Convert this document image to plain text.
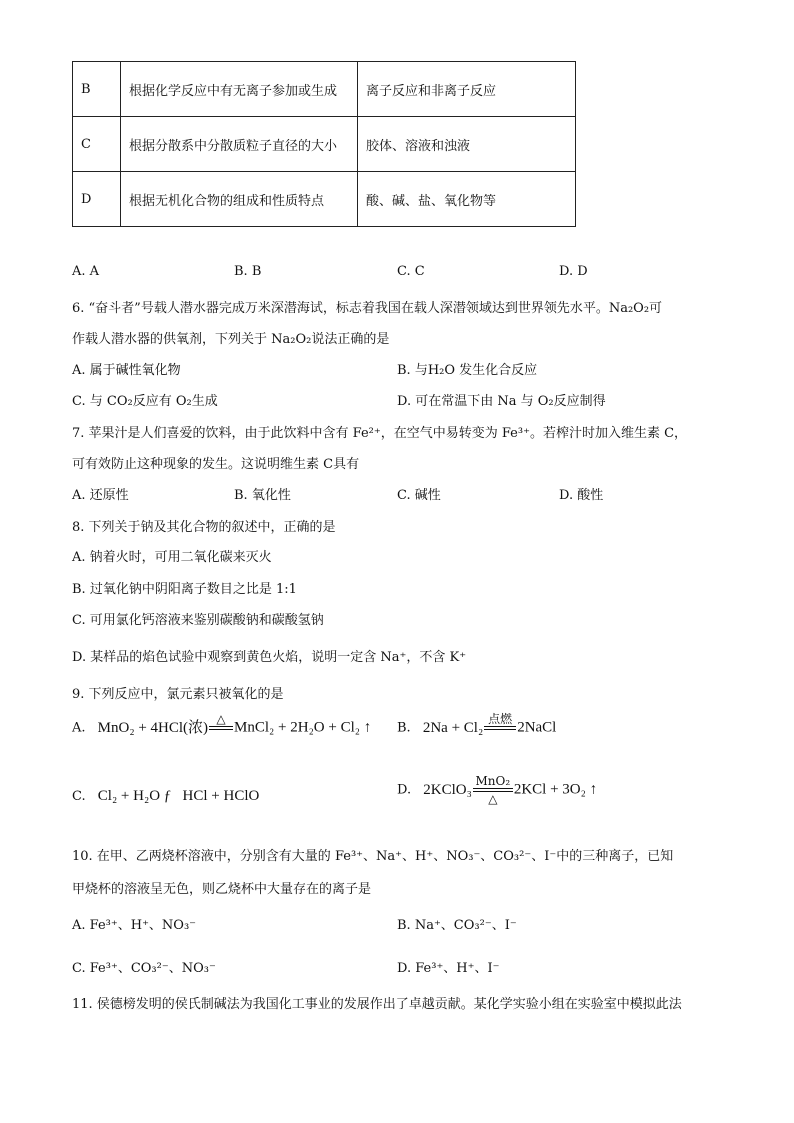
B	根据化学反应中有无离子参加或生成	离子反应和非离子反应
C	根据分散系中分散质粒子直径的大小	胶体、溶液和浊液
D	根据无机化合物的组成和性质特点	酸、碱、盐、氧化物等
A. A	B. B	C. C	D. D
6. “奋斗者”号载人潜水器完成万米深潜海试，标志着我国在载人深潜领域达到世界领先水平。Na₂O₂可
作载人潜水器的供氧剂，下列关于 Na₂O₂说法正确的是
A. 属于碱性氧化物	B. 与H₂O 发生化合反应
C. 与 CO₂反应有 O₂生成	D. 可在常温下由 Na 与 O₂反应制得
7. 苹果汁是人们喜爱的饮料，由于此饮料中含有 Fe²⁺，在空气中易转变为 Fe³⁺。若榨汁时加入维生素 C，
可有效防止这种现象的发生。这说明维生素 C具有
A. 还原性	B. 氧化性	C. 碱性	D. 酸性
8. 下列关于钠及其化合物的叙述中，正确的是
A. 钠着火时，可用二氧化碳来灭火
B. 过氧化钠中阴阳离子数目之比是 1:1
C. 可用氯化钙溶液来鉴别碳酸钠和碳酸氢钠
D. 某样品的焰色试验中观察到黄色火焰，说明一定含 Na⁺，不含 K⁺
9. 下列反应中，氯元素只被氧化的是
A. MnO₂ + 4HCl(浓)
△
MnCl₂ + 2H₂O + Cl₂ ↑ B. 2Na + Cl₂
点燃
2NaCl
C. Cl₂ + H₂O ƒ   HCl + HClO	D. 2KClO₃
MnO₂
△
2KCl + 3O₂ ↑
10. 在甲、乙两烧杯溶液中，分别含有大量的 Fe³⁺、Na⁺、H⁺、NO₃⁻、CO₃²⁻、I⁻中的三种离子，已知
甲烧杯的溶液呈无色，则乙烧杯中大量存在的离子是
A. Fe³⁺、H⁺、NO₃⁻	B. Na⁺、CO₃²⁻、I⁻
C. Fe³⁺、CO₃²⁻、NO₃⁻	D. Fe³⁺、H⁺、I⁻
11. 侯德榜发明的侯氏制碱法为我国化工事业的发展作出了卓越贡献。某化学实验小组在实验室中模拟此法
